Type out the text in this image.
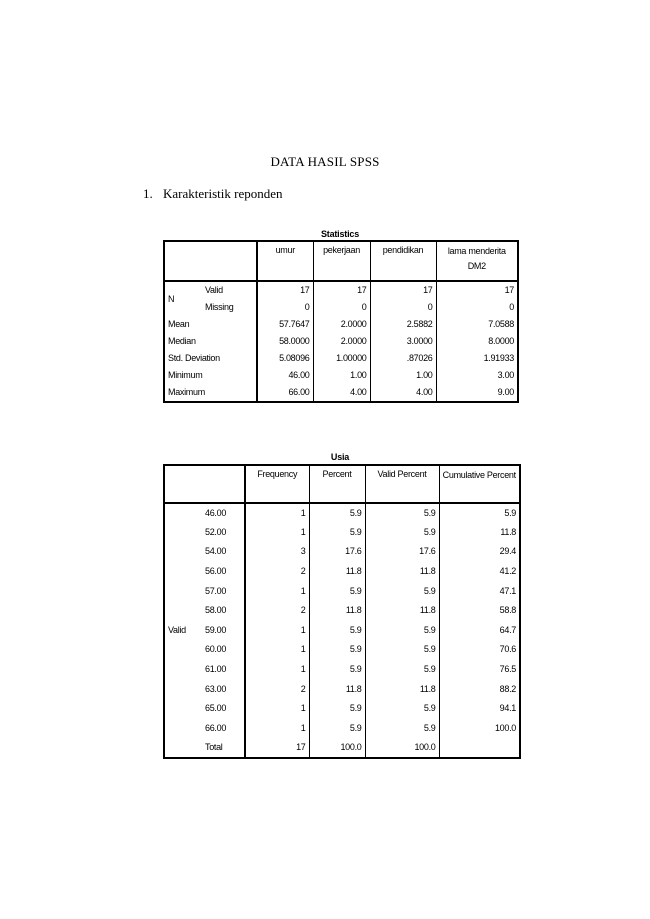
DATA HASIL SPSS
1. Karakteristik reponden
Statistics
		umur	pekerjaan	pendidikan	lama menderita DM2
N	Valid	17	17	17	17
	Missing	0	0	0	0
Mean		57.7647	2.0000	2.5882	7.0588
Median		58.0000	2.0000	3.0000	8.0000
Std. Deviation		5.08096	1.00000	.87026	1.91933
Minimum		46.00	1.00	1.00	3.00
Maximum		66.00	4.00	4.00	9.00
Usia
		Frequency	Percent	Valid Percent	Cumulative Percent
Valid	46.00	1	5.9	5.9	5.9
	52.00	1	5.9	5.9	11.8
	54.00	3	17.6	17.6	29.4
	56.00	2	11.8	11.8	41.2
	57.00	1	5.9	5.9	47.1
	58.00	2	11.8	11.8	58.8
	59.00	1	5.9	5.9	64.7
	60.00	1	5.9	5.9	70.6
	61.00	1	5.9	5.9	76.5
	63.00	2	11.8	11.8	88.2
	65.00	1	5.9	5.9	94.1
	66.00	1	5.9	5.9	100.0
	Total	17	100.0	100.0	
